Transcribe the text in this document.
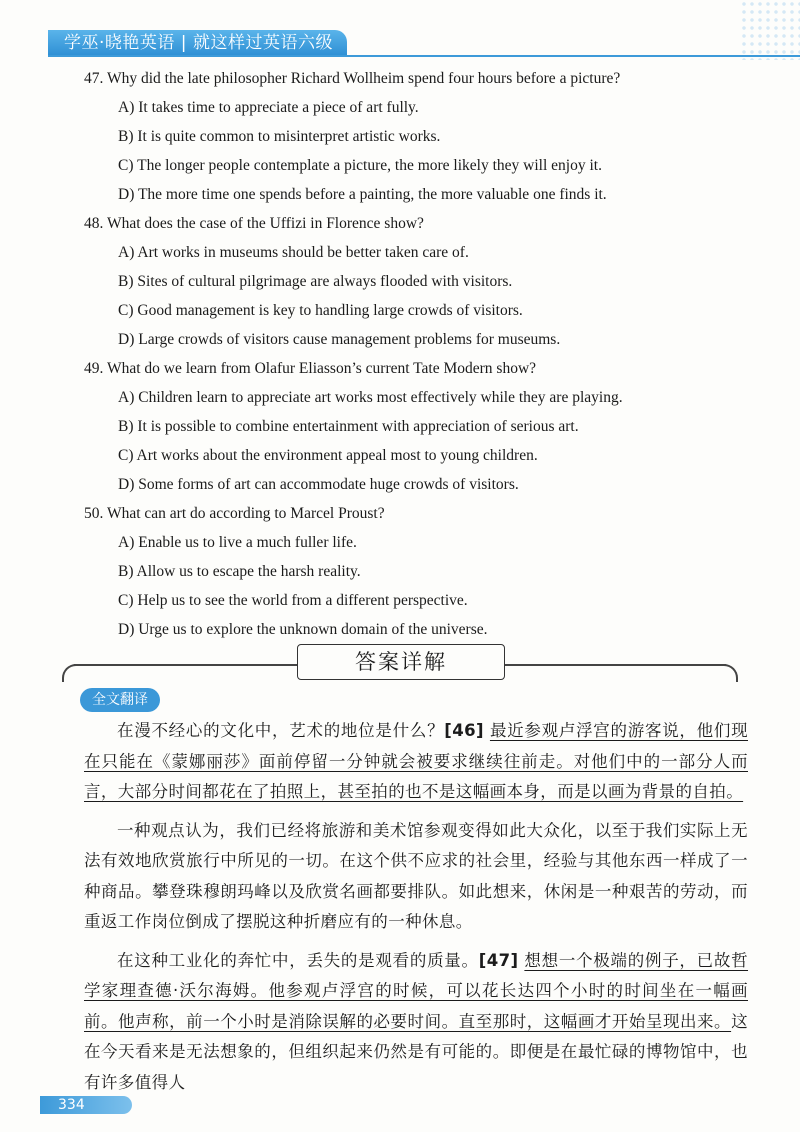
学巫·晓艳英语 | 就这样过英语六级
47. Why did the late philosopher Richard Wollheim spend four hours before a picture?
A) It takes time to appreciate a piece of art fully.
B) It is quite common to misinterpret artistic works.
C) The longer people contemplate a picture, the more likely they will enjoy it.
D) The more time one spends before a painting, the more valuable one finds it.
48. What does the case of the Uffizi in Florence show?
A) Art works in museums should be better taken care of.
B) Sites of cultural pilgrimage are always flooded with visitors.
C) Good management is key to handling large crowds of visitors.
D) Large crowds of visitors cause management problems for museums.
49. What do we learn from Olafur Eliasson’s current Tate Modern show?
A) Children learn to appreciate art works most effectively while they are playing.
B) It is possible to combine entertainment with appreciation of serious art.
C) Art works about the environment appeal most to young children.
D) Some forms of art can accommodate huge crowds of visitors.
50. What can art do according to Marcel Proust?
A) Enable us to live a much fuller life.
B) Allow us to escape the harsh reality.
C) Help us to see the world from a different perspective.
D) Urge us to explore the unknown domain of the universe.
答案详解
全文翻译

在漫不经心的文化中，艺术的地位是什么？[46] 最近参观卢浮宫的游客说，他们现在只能在《蒙娜丽莎》面前停留一分钟就会被要求继续往前走。对他们中的一部分人而言，大部分时间都花在了拍照上，甚至拍的也不是这幅画本身，而是以画为背景的自拍。

一种观点认为，我们已经将旅游和美术馆参观变得如此大众化，以至于我们实际上无法有效地欣赏旅行中所见的一切。在这个供不应求的社会里，经验与其他东西一样成了一种商品。攀登珠穆朗玛峰以及欣赏名画都要排队。如此想来，休闲是一种艰苦的劳动，而重返工作岗位倒成了摆脱这种折磨应有的一种休息。

在这种工业化的奔忙中，丢失的是观看的质量。[47] 想想一个极端的例子，已故哲学家理查德·沃尔海姆。他参观卢浮宫的时候，可以花长达四个小时的时间坐在一幅画前。他声称，前一个小时是消除误解的必要时间。直至那时，这幅画才开始呈现出来。这在今天看来是无法想象的，但组织起来仍然是有可能的。即便是在最忙碌的博物馆中，也有许多值得人

334
